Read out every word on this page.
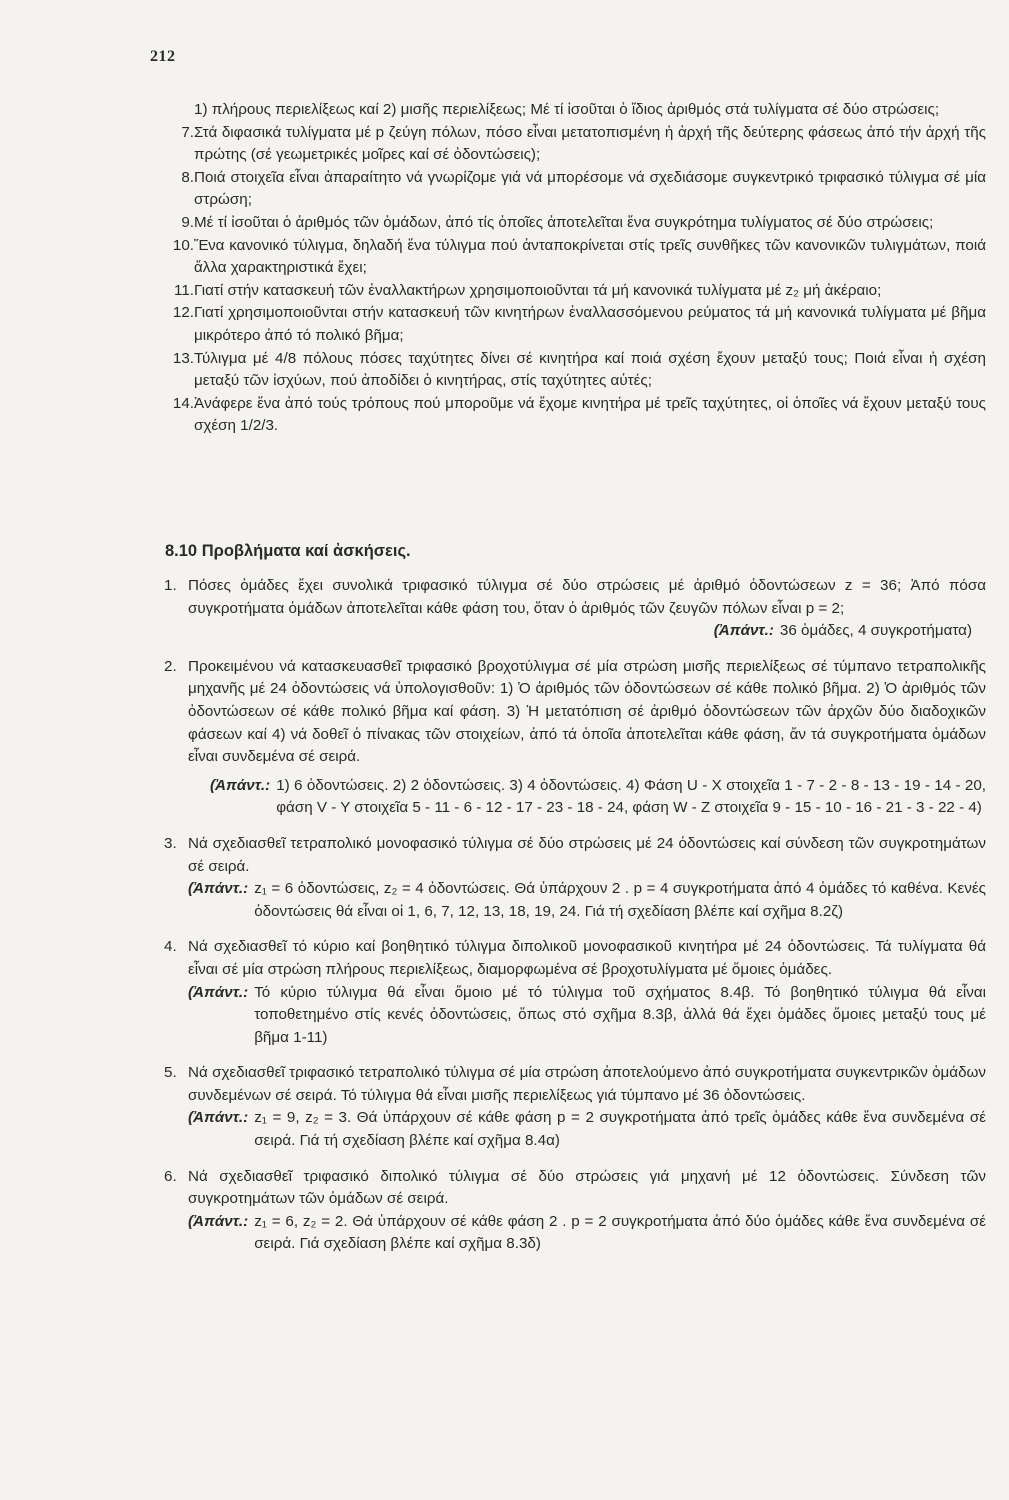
212
1) πλήρους περιελίξεως καί 2) μισῆς περιελίξεως; Μέ τί ἰσοῦται ὁ ἴδιος ἀριθμός στά τυλίγματα σέ δύο στρώσεις;
7. Στά διφασικά τυλίγματα μέ p ζεύγη πόλων, πόσο εἶναι μετατοπισμένη ἡ ἀρχή τῆς δεύτερης φάσεως ἀπό τήν ἀρχή τῆς πρώτης (σέ γεωμετρικές μοῖρες καί σέ ὀδοντώσεις);
8. Ποιά στοιχεῖα εἶναι ἀπαραίτητο νά γνωρίζομε γιά νά μπορέσομε νά σχεδιάσομε συγκεντρικό τριφασικό τύλιγμα σέ μία στρώση;
9. Μέ τί ἰσοῦται ὁ ἀριθμός τῶν ὁμάδων, ἀπό τίς ὁποῖες ἀποτελεῖται ἕνα συγκρότημα τυλίγματος σέ δύο στρώσεις;
10. Ἕνα κανονικό τύλιγμα, δηλαδή ἕνα τύλιγμα πού ἀνταποκρίνεται στίς τρεῖς συνθῆκες τῶν κανονικῶν τυλιγμάτων, ποιά ἄλλα χαρακτηριστικά ἔχει;
11. Γιατί στήν κατασκευή τῶν ἐναλλακτήρων χρησιμοποιοῦνται τά μή κανονικά τυλίγματα μέ z₂ μή ἀκέραιο;
12. Γιατί χρησιμοποιοῦνται στήν κατασκευή τῶν κινητήρων ἐναλλασσόμενου ρεύματος τά μή κανονικά τυλίγματα μέ βῆμα μικρότερο ἀπό τό πολικό βῆμα;
13. Τύλιγμα μέ 4/8 πόλους πόσες ταχύτητες δίνει σέ κινητήρα καί ποιά σχέση ἔχουν μεταξύ τους; Ποιά εἶναι ἡ σχέση μεταξύ τῶν ἰσχύων, πού ἀποδίδει ὁ κινητήρας, στίς ταχύτητες αὐτές;
14. Ἀνάφερε ἕνα ἀπό τούς τρόπους πού μποροῦμε νά ἔχομε κινητήρα μέ τρεῖς ταχύτητες, οἱ ὁποῖες νά ἔχουν μεταξύ τους σχέση 1/2/3.
8.10 Προβλήματα καί ἀσκήσεις.
1. Πόσες ὁμάδες ἔχει συνολικά τριφασικό τύλιγμα σέ δύο στρώσεις μέ ἀριθμό ὀδοντώσεων z = 36; Ἀπό πόσα συγκροτήματα ὁμάδων ἀποτελεῖται κάθε φάση του, ὅταν ὁ ἀριθμός τῶν ζευγῶν πόλων εἶναι p = 2;
(Ἀπάντ.: 36 ὁμάδες, 4 συγκροτήματα)
2. Προκειμένου νά κατασκευασθεῖ τριφασικό βροχοτύλιγμα σέ μία στρώση μισῆς περιελίξεως σέ τύμπανο τετραπολικῆς μηχανῆς μέ 24 ὀδοντώσεις νά ὑπολογισθοῦν: 1) Ὁ ἀριθμός τῶν ὀδοντώσεων σέ κάθε πολικό βῆμα. 2) Ὁ ἀριθμός τῶν ὀδοντώσεων σέ κάθε πολικό βῆμα καί φάση. 3) Ἡ μετατόπιση σέ ἀριθμό ὀδοντώσεων τῶν ἀρχῶν δύο διαδοχικῶν φάσεων καί 4) νά δοθεῖ ὁ πίνακας τῶν στοιχείων, ἀπό τά ὁποῖα ἀποτελεῖται κάθε φάση, ἄν τά συγκροτήματα ὁμάδων εἶναι συνδεμένα σέ σειρά.
(Ἀπάντ.: 1) 6 ὀδοντώσεις. 2) 2 ὀδοντώσεις. 3) 4 ὀδοντώσεις. 4) Φάση U - X στοιχεῖα 1 - 7 - 2 - 8 - 13 - 19 - 14 - 20, φάση V - Y στοιχεῖα 5 - 11 - 6 - 12 - 17 - 23 - 18 - 24, φάση W - Z στοιχεῖα 9 - 15 - 10 - 16 - 21 - 3 - 22 - 4)
3. Νά σχεδιασθεῖ τετραπολικό μονοφασικό τύλιγμα σέ δύο στρώσεις μέ 24 ὀδοντώσεις καί σύνδεση τῶν συγκροτημάτων σέ σειρά.
(Ἀπάντ.: z₁ = 6 ὀδοντώσεις, z₂ = 4 ὀδοντώσεις. Θά ὑπάρχουν 2 . p = 4 συγκροτήματα ἀπό 4 ὁμάδες τό καθένα. Κενές ὀδοντώσεις θά εἶναι οἱ 1, 6, 7, 12, 13, 18, 19, 24. Γιά τή σχεδίαση βλέπε καί σχῆμα 8.2ζ)
4. Νά σχεδιασθεῖ τό κύριο καί βοηθητικό τύλιγμα διπολικοῦ μονοφασικοῦ κινητήρα μέ 24 ὀδοντώσεις. Τά τυλίγματα θά εἶναι σέ μία στρώση πλήρους περιελίξεως, διαμορφωμένα σέ βροχοτυλίγματα μέ ὅμοιες ὁμάδες.
(Ἀπάντ.: Τό κύριο τύλιγμα θά εἶναι ὅμοιο μέ τό τύλιγμα τοῦ σχήματος 8.4β. Τό βοηθητικό τύλιγμα θά εἶναι τοποθετημένο στίς κενές ὀδοντώσεις, ὅπως στό σχῆμα 8.3β, ἀλλά θά ἔχει ὁμάδες ὅμοιες μεταξύ τους μέ βῆμα 1-11)
5. Νά σχεδιασθεῖ τριφασικό τετραπολικό τύλιγμα σέ μία στρώση ἀποτελούμενο ἀπό συγκροτήματα συγκεντρικῶν ὁμάδων συνδεμένων σέ σειρά. Τό τύλιγμα θά εἶναι μισῆς περιελίξεως γιά τύμπανο μέ 36 ὀδοντώσεις.
(Ἀπάντ.: z₁ = 9, z₂ = 3. Θά ὑπάρχουν σέ κάθε φάση p = 2 συγκροτήματα ἀπό τρεῖς ὁμάδες κάθε ἕνα συνδεμένα σέ σειρά. Γιά τή σχεδίαση βλέπε καί σχῆμα 8.4α)
6. Νά σχεδιασθεῖ τριφασικό διπολικό τύλιγμα σέ δύο στρώσεις γιά μηχανή μέ 12 ὀδοντώσεις. Σύνδεση τῶν συγκροτημάτων τῶν ὁμάδων σέ σειρά.
(Ἀπάντ.: z₁ = 6, z₂ = 2. Θά ὑπάρχουν σέ κάθε φάση 2 . p = 2 συγκροτήματα ἀπό δύο ὁμάδες κάθε ἕνα συνδεμένα σέ σειρά. Γιά σχεδίαση βλέπε καί σχῆμα 8.3δ)
